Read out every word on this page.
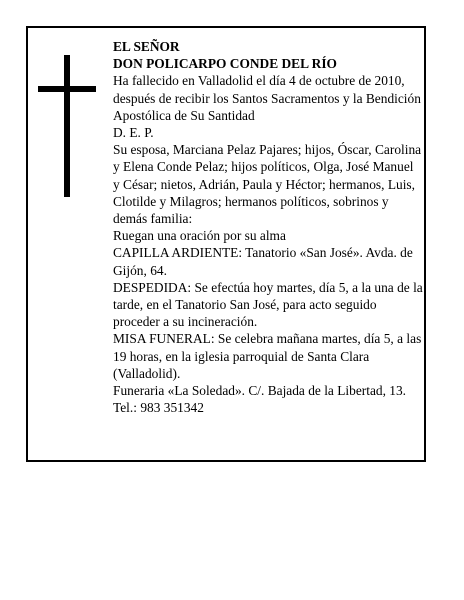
EL SEÑOR

DON POLICARPO CONDE DEL RÍO

Ha fallecido en Valladolid el día 4 de octubre de 2010, después de recibir los Santos Sacramentos y la Bendición Apostólica de Su Santidad

D. E. P.

Su esposa, Marciana Pelaz Pajares; hijos, Óscar, Carolina y Elena Conde Pelaz; hijos políticos, Olga, José Manuel y César; nietos, Adrián, Paula y Héctor; hermanos, Luis, Clotilde y Milagros; hermanos políticos, sobrinos y demás familia:

Ruegan una oración por su alma

CAPILLA ARDIENTE: Tanatorio «San José». Avda. de Gijón, 64.

DESPEDIDA: Se efectúa hoy martes, día 5, a la una de la tarde, en el Tanatorio San José, para acto seguido proceder a su incineración.

MISA FUNERAL: Se celebra mañana martes, día 5, a las 19 horas, en la iglesia parroquial de Santa Clara (Valladolid).

Funeraria «La Soledad». C/. Bajada de la Libertad, 13. Tel.: 983 351342
